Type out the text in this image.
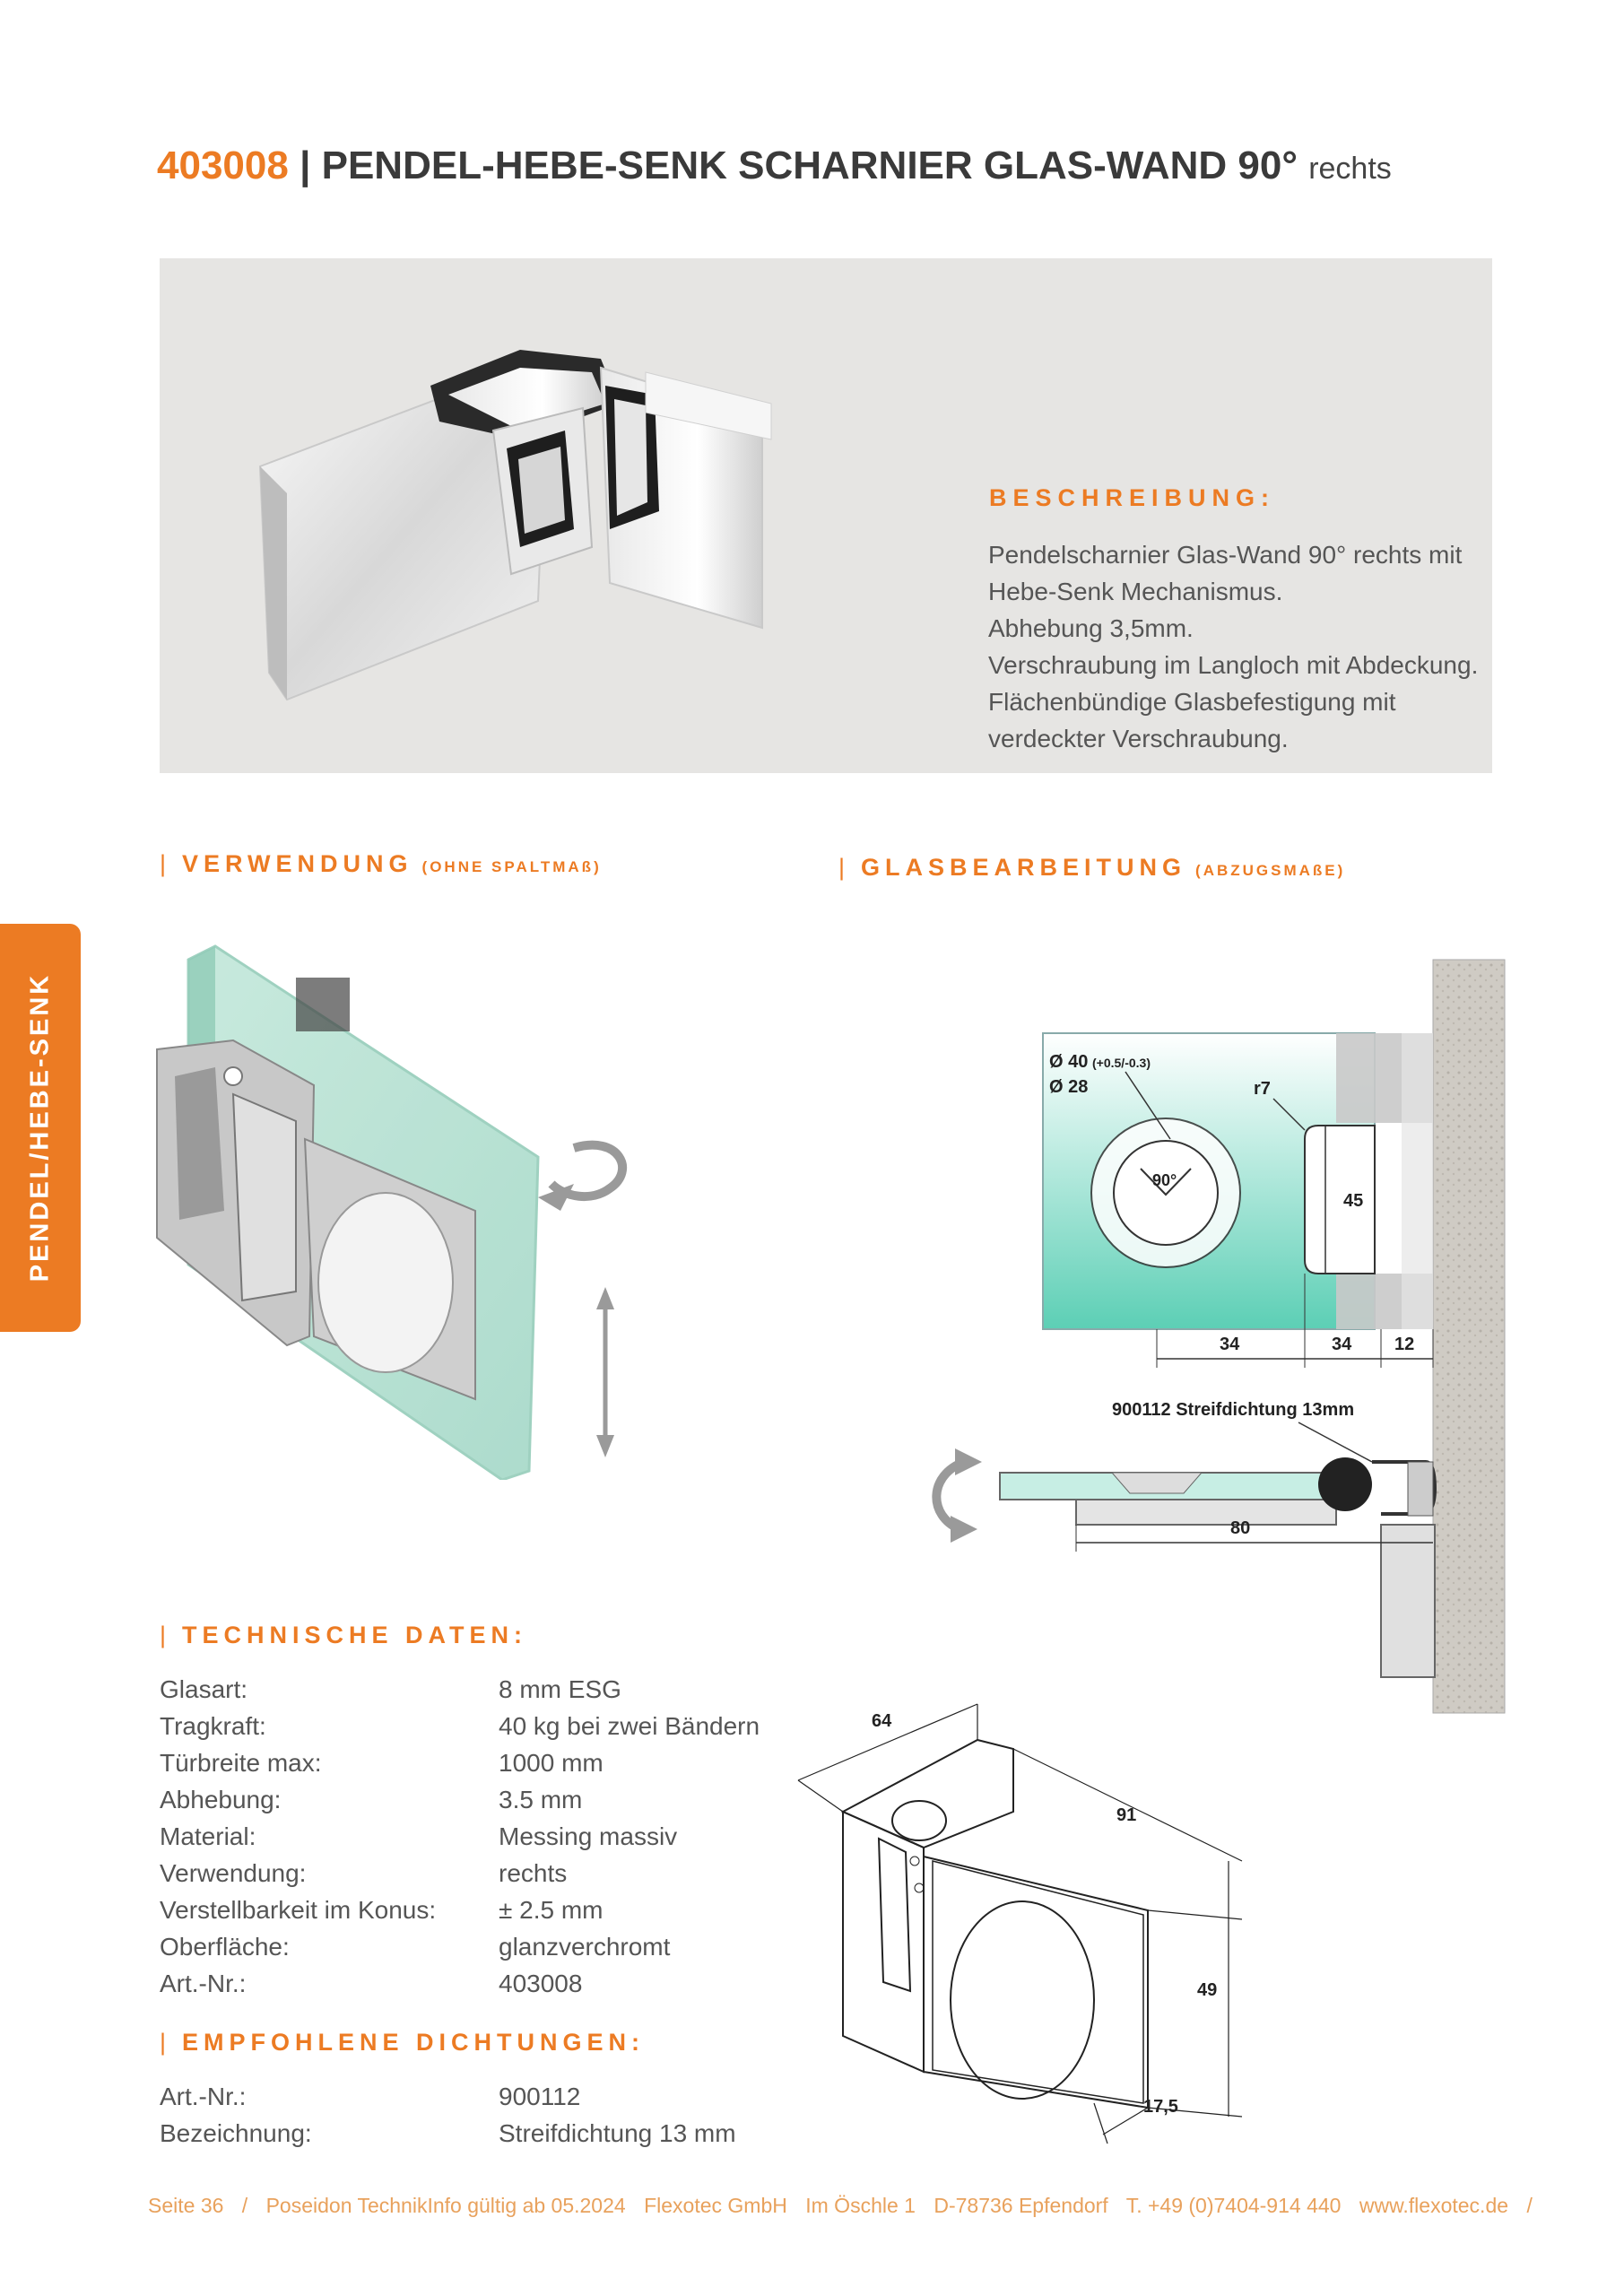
403008 | PENDEL-HEBE-SENK SCHARNIER GLAS-WAND 90° rechts
BESCHREIBUNG:
Pendelscharnier Glas-Wand 90° rechts mit
Hebe-Senk Mechanismus.
Abhebung 3,5mm.
Verschraubung im Langloch mit Abdeckung.
Flächenbündige Glasbefestigung mit
verdeckter Verschraubung.
| VERWENDUNG (OHNE SPALTMAß)	| GLASBEARBEITUNG (ABZUGSMAßE)
PENDEL/HEBE-SENK	Ø 40 (+0.5/-0.3)
Ø 28
90°
r7
45
34	34 12
900112 Streifdichtung 13mm
80
| TECHNISCHE DATEN:
Glasart:	8 mm ESG
Tragkraft:	40 kg bei zwei Bändern
Türbreite max:	1000 mm
Abhebung:	3.5 mm
Material:	Messing massiv
Verwendung:	rechts
Verstellbarkeit im Konus: ± 2.5 mm
Oberfläche:	glanzverchromt
Art.-Nr.:	403008
| EMPFOHLENE DICHTUNGEN:
Art.-Nr.:	900112
Bezeichnung:	Streifdichtung 13 mm
64
91
49
17,5
Seite 36 / Poseidon TechnikInfo gültig ab 05.2024 Flexotec GmbH Im Öschle 1 D-78736 Epfendorf T. +49 (0)7404-914 440 www.flexotec.de /
